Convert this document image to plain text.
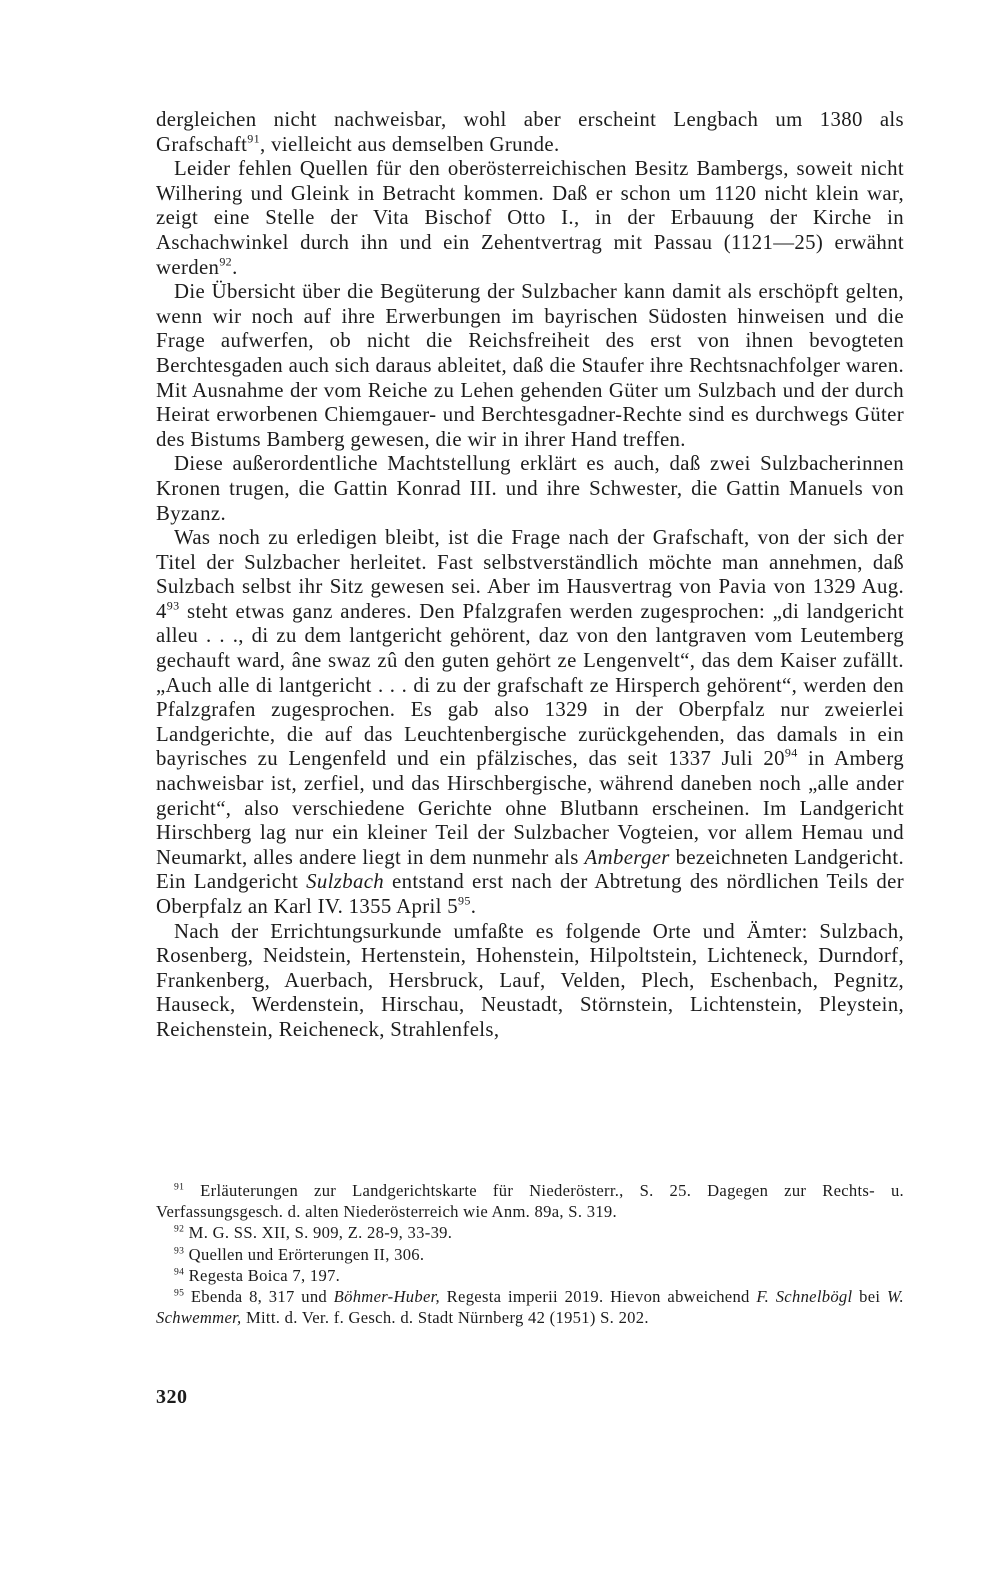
dergleichen nicht nachweisbar, wohl aber erscheint Lengbach um 1380 als Grafschaft$^{91}$, vielleicht aus demselben Grunde.

Leider fehlen Quellen für den oberösterreichischen Besitz Bambergs, soweit nicht Wilhering und Gleink in Betracht kommen. Daß er schon um 1120 nicht klein war, zeigt eine Stelle der Vita Bischof Otto I., in der Erbauung der Kirche in Aschachwinkel durch ihn und ein Zehentvertrag mit Passau (1121—25) erwähnt werden$^{92}$.

Die Übersicht über die Begüterung der Sulzbacher kann damit als erschöpft gelten, wenn wir noch auf ihre Erwerbungen im bayrischen Südosten hinweisen und die Frage aufwerfen, ob nicht die Reichsfreiheit des erst von ihnen bevogteten Berchtesgaden auch sich daraus ableitet, daß die Staufer ihre Rechtsnachfolger waren. Mit Ausnahme der vom Reiche zu Lehen gehenden Güter um Sulzbach und der durch Heirat erworbenen Chiemgauer- und Berchtesgadner-Rechte sind es durchwegs Güter des Bistums Bamberg gewesen, die wir in ihrer Hand treffen.

Diese außerordentliche Machtstellung erklärt es auch, daß zwei Sulzbacherinnen Kronen trugen, die Gattin Konrad III. und ihre Schwester, die Gattin Manuels von Byzanz.

Was noch zu erledigen bleibt, ist die Frage nach der Grafschaft, von der sich der Titel der Sulzbacher herleitet. Fast selbstverständlich möchte man annehmen, daß Sulzbach selbst ihr Sitz gewesen sei. Aber im Hausvertrag von Pavia von 1329 Aug. $4^{93}$ steht etwas ganz anderes. Den Pfalzgrafen werden zugesprochen: „di landgericht alleu . . ., di zu dem lantgericht gehörent, daz von den lantgraven vom Leutemberg gechauft ward, âne swaz zû den guten gehört ze Lengenvelt“, das dem Kaiser zufällt. „Auch alle di lantgericht . . . di zu der grafschaft ze Hirsperch gehörent“, werden den Pfalzgrafen zugesprochen. Es gab also 1329 in der Oberpfalz nur zweierlei Landgerichte, die auf das Leuchtenbergische zurückgehenden, das damals in ein bayrisches zu Lengenfeld und ein pfälzisches, das seit 1337 Juli $20^{94}$ in Amberg nachweisbar ist, zerfiel, und das Hirschbergische, während daneben noch „alle ander gericht“, also verschiedene Gerichte ohne Blutbann erscheinen. Im Landgericht Hirschberg lag nur ein kleiner Teil der Sulzbacher Vogteien, vor allem Hemau und Neumarkt, alles andere liegt in dem nunmehr als Amberger bezeichneten Landgericht. Ein Landgericht Sulzbach entstand erst nach der Abtretung des nördlichen Teils der Oberpfalz an Karl IV. 1355 April $5^{95}$.

Nach der Errichtungsurkunde umfaßte es folgende Orte und Ämter: Sulzbach, Rosenberg, Neidstein, Hertenstein, Hohenstein, Hilpoltstein, Lichteneck, Durndorf, Frankenberg, Auerbach, Hersbruck, Lauf, Velden, Plech, Eschenbach, Pegnitz, Hauseck, Werdenstein, Hirschau, Neustadt, Störnstein, Lichtenstein, Pleystein, Reichenstein, Reicheneck, Strahlenfels,

$^{91}$ Erläuterungen zur Landgerichtskarte für Niederösterr., S. 25. Dagegen zur Rechts- u. Verfassungsgesch. d. alten Niederösterreich wie Anm. 89a, S. 319.

$^{92}$ M. G. SS. XII, S. 909, Z. 28-9, 33-39.

$^{93}$ Quellen und Erörterungen II, 306.

$^{94}$ Regesta Boica 7, 197.

$^{95}$ Ebenda 8, 317 und Böhmer-Huber, Regesta imperii 2019. Hievon abweichend F. Schnelbögl bei W. Schwemmer, Mitt. d. Ver. f. Gesch. d. Stadt Nürnberg 42 (1951) S. 202.

320
